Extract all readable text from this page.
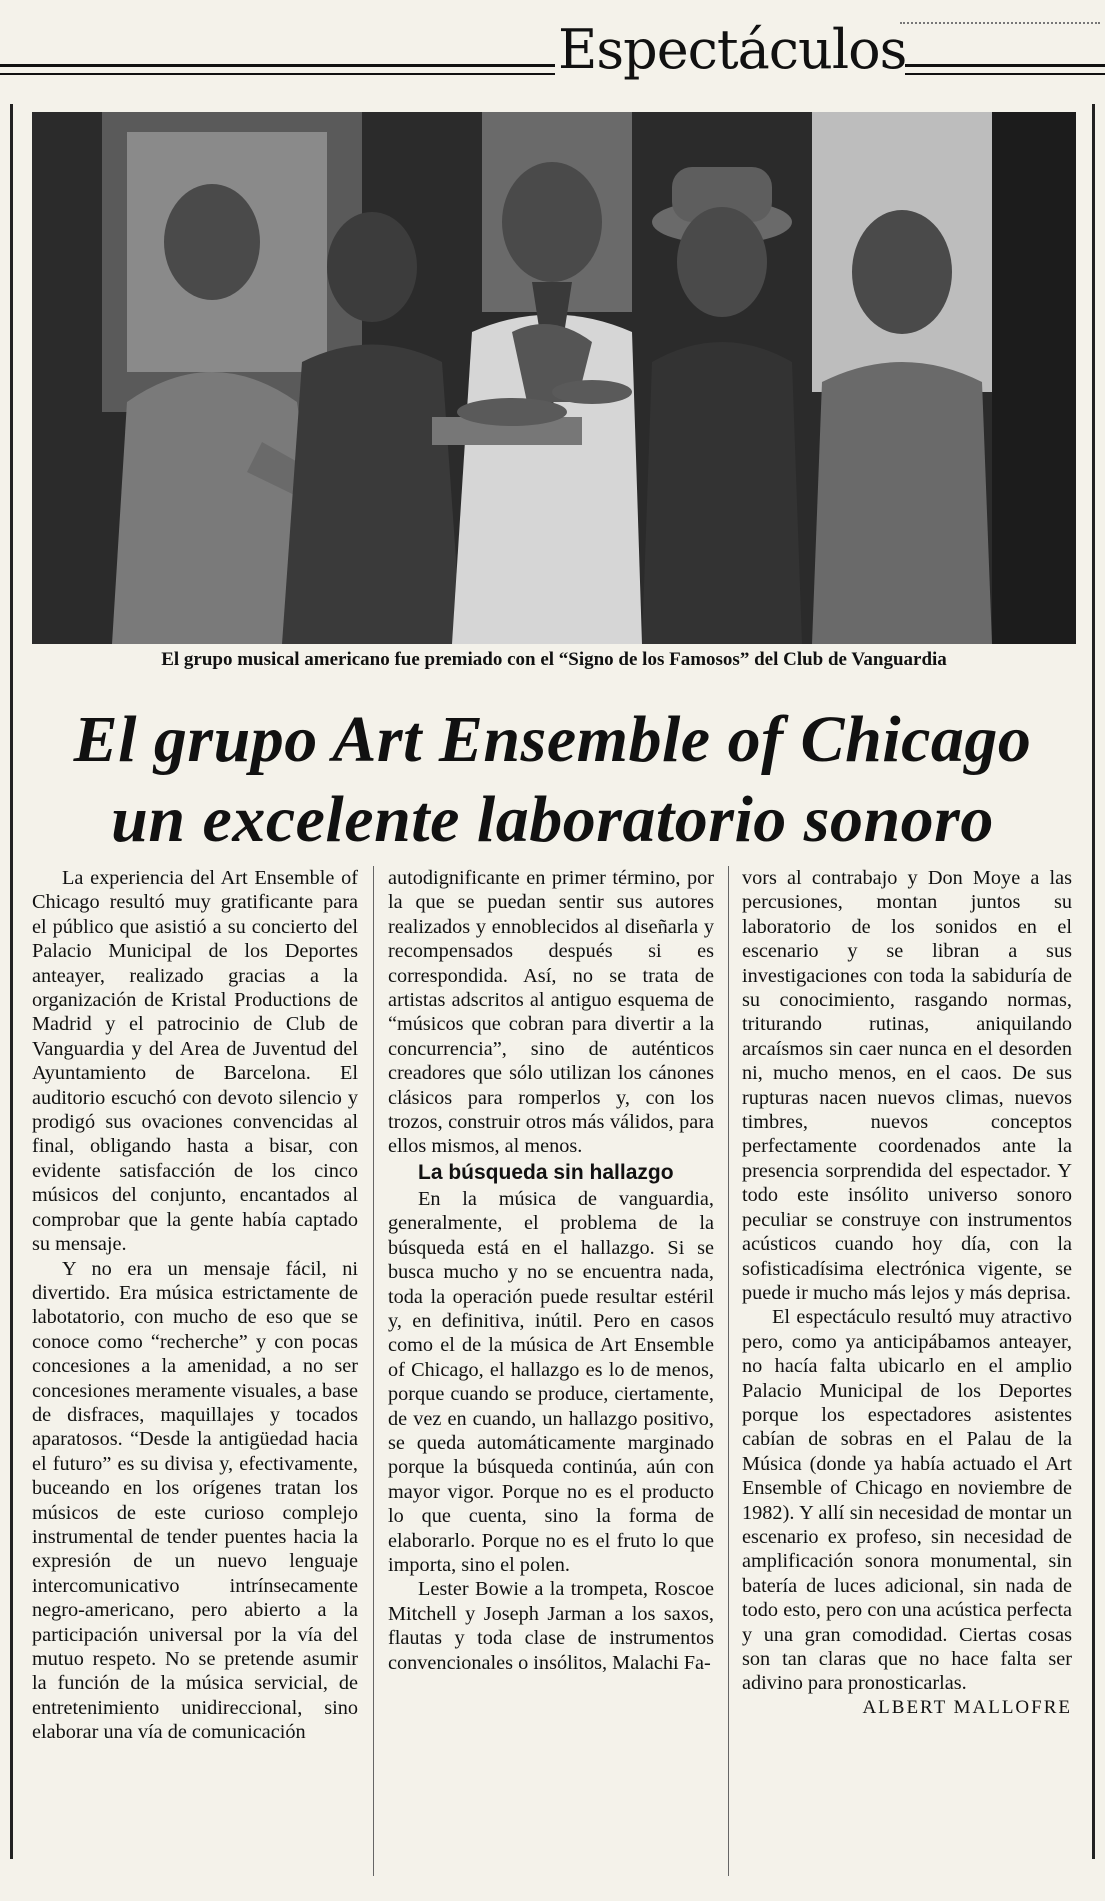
Espectáculos
El grupo musical americano fue premiado con el “Signo de los Famosos” del Club de Vanguardia
El grupo Art Ensemble of Chicago
un excelente laboratorio sonoro

La experiencia del Art Ensemble of Chicago resultó muy gratificante para el público que asistió a su concierto del Palacio Municipal de los Deportes anteayer, realizado gracias a la organización de Kristal Productions de Madrid y el patrocinio de Club de Vanguardia y del Area de Juventud del Ayuntamiento de Barcelona. El auditorio escuchó con devoto silencio y prodigó sus ovaciones convencidas al final, obligando hasta a bisar, con evidente satisfacción de los cinco músicos del conjunto, encantados al comprobar que la gente había captado su mensaje.

Y no era un mensaje fácil, ni divertido. Era música estrictamente de labotatorio, con mucho de eso que se conoce como “recherche” y con pocas concesiones a la amenidad, a no ser concesiones meramente visuales, a base de disfraces, maquillajes y tocados aparatosos. “Desde la antigüedad hacia el futuro” es su divisa y, efectivamente, buceando en los orígenes tratan los músicos de este curioso complejo instrumental de tender puentes hacia la expresión de un nuevo lenguaje intercomunicativo intrínsecamente negro-americano, pero abierto a la participación universal por la vía del mutuo respeto. No se pretende asumir la función de la música servicial, de entretenimiento unidireccional, sino elaborar una vía de comunicación

autodignificante en primer término, por la que se puedan sentir sus autores realizados y ennoblecidos al diseñarla y recompensados después si es correspondida. Así, no se trata de artistas adscritos al antiguo esquema de “músicos que cobran para divertir a la concurrencia”, sino de auténticos creadores que sólo utilizan los cánones clásicos para romperlos y, con los trozos, construir otros más válidos, para ellos mismos, al menos.

La búsqueda sin hallazgo

En la música de vanguardia, generalmente, el problema de la búsqueda está en el hallazgo. Si se busca mucho y no se encuentra nada, toda la operación puede resultar estéril y, en definitiva, inútil. Pero en casos como el de la música de Art Ensemble of Chicago, el hallazgo es lo de menos, porque cuando se produce, ciertamente, de vez en cuando, un hallazgo positivo, se queda automáticamente marginado porque la búsqueda continúa, aún con mayor vigor. Porque no es el producto lo que cuenta, sino la forma de elaborarlo. Porque no es el fruto lo que importa, sino el polen.

Lester Bowie a la trompeta, Roscoe Mitchell y Joseph Jarman a los saxos, flautas y toda clase de instrumentos convencionales o insólitos, Malachi Fa-

vors al contrabajo y Don Moye a las percusiones, montan juntos su laboratorio de los sonidos en el escenario y se libran a sus investigaciones con toda la sabiduría de su conocimiento, rasgando normas, triturando rutinas, aniquilando arcaísmos sin caer nunca en el desorden ni, mucho menos, en el caos. De sus rupturas nacen nuevos climas, nuevos timbres, nuevos conceptos perfectamente coordenados ante la presencia sorprendida del espectador. Y todo este insólito universo sonoro peculiar se construye con instrumentos acústicos cuando hoy día, con la sofisticadísima electrónica vigente, se puede ir mucho más lejos y más deprisa.

El espectáculo resultó muy atractivo pero, como ya anticipábamos anteayer, no hacía falta ubicarlo en el amplio Palacio Municipal de los Deportes porque los espectadores asistentes cabían de sobras en el Palau de la Música (donde ya había actuado el Art Ensemble of Chicago en noviembre de 1982). Y allí sin necesidad de montar un escenario ex profeso, sin necesidad de amplificación sonora monumental, sin batería de luces adicional, sin nada de todo esto, pero con una acústica perfecta y una gran comodidad. Ciertas cosas son tan claras que no hace falta ser adivino para pronosticarlas.

ALBERT MALLOFRE
